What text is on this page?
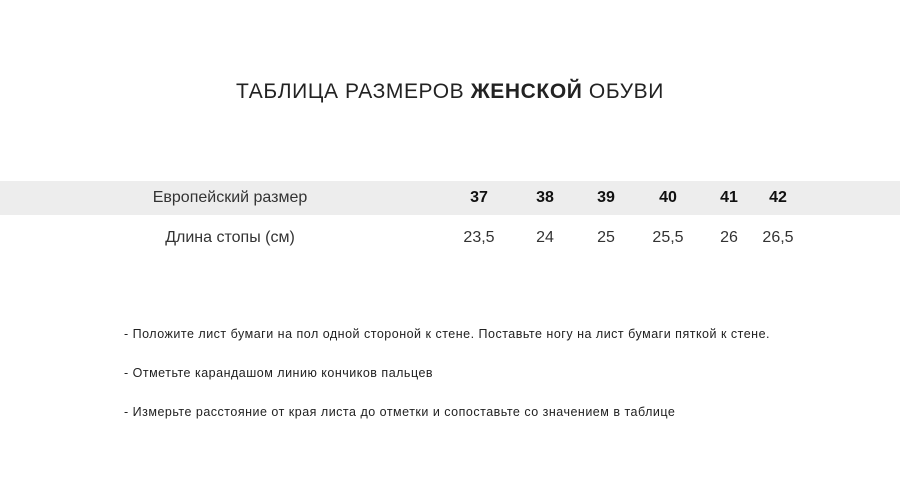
ТАБЛИЦА РАЗМЕРОВ ЖЕНСКОЙ ОБУВИ
Европейский размер	37	38	39	40	41	42
Длина стопы (см)	23,5	24	25	25,5	26	26,5
- Положите лист бумаги на пол одной стороной к стене. Поставьте ногу на лист бумаги пяткой к стене.
- Отметьте карандашом линию кончиков пальцев
- Измерьте расстояние от края листа до отметки и сопоставьте со значением в таблице
